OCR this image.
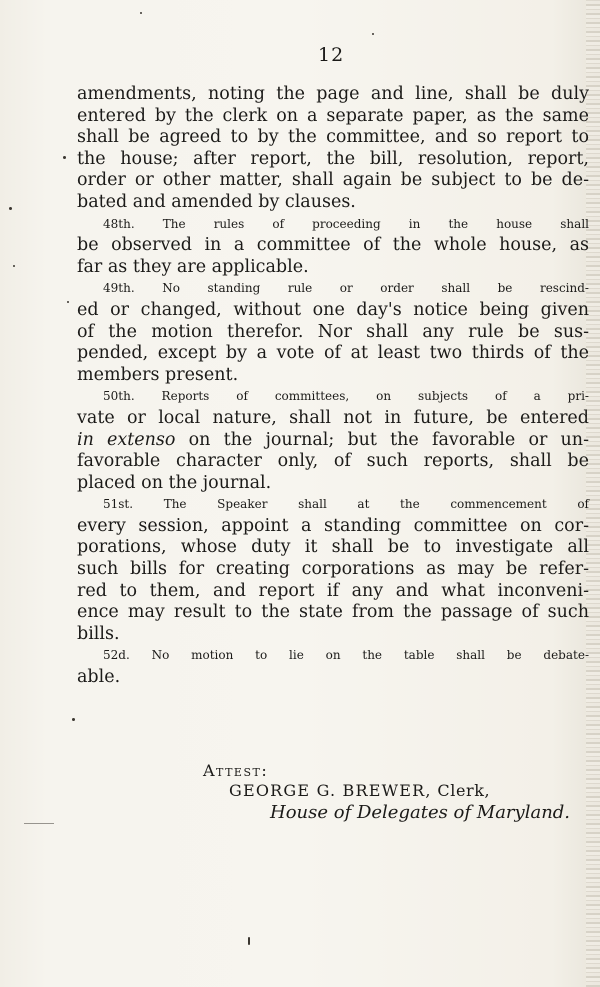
12
amendments, noting the page and line, shall be duly
entered by the clerk on a separate paper, as the same
shall be agreed to by the committee, and so report to
the house; after report, the bill, resolution, report,
order or other matter, shall again be subject to be de-
bated and amended by clauses.
48th. The rules of proceeding in the house shall
be observed in a committee of the whole house, as
far as they are applicable.
49th. No standing rule or order shall be rescind-
ed or changed, without one day's notice being given
of the motion therefor. Nor shall any rule be sus-
pended, except by a vote of at least two thirds of the
members present.
50th. Reports of committees, on subjects of a pri-
vate or local nature, shall not in future, be entered
in extenso on the journal; but the favorable or un-
favorable character only, of such reports, shall be
placed on the journal.
51st. The Speaker shall at the commencement of
every session, appoint a standing committee on cor-
porations, whose duty it shall be to investigate all
such bills for creating corporations as may be refer-
red to them, and report if any and what inconveni-
ence may result to the state from the passage of such
bills.
52d. No motion to lie on the table shall be debate-
able.
Attest:
GEORGE G. BREWER, Clerk,
House of Delegates of Maryland.
